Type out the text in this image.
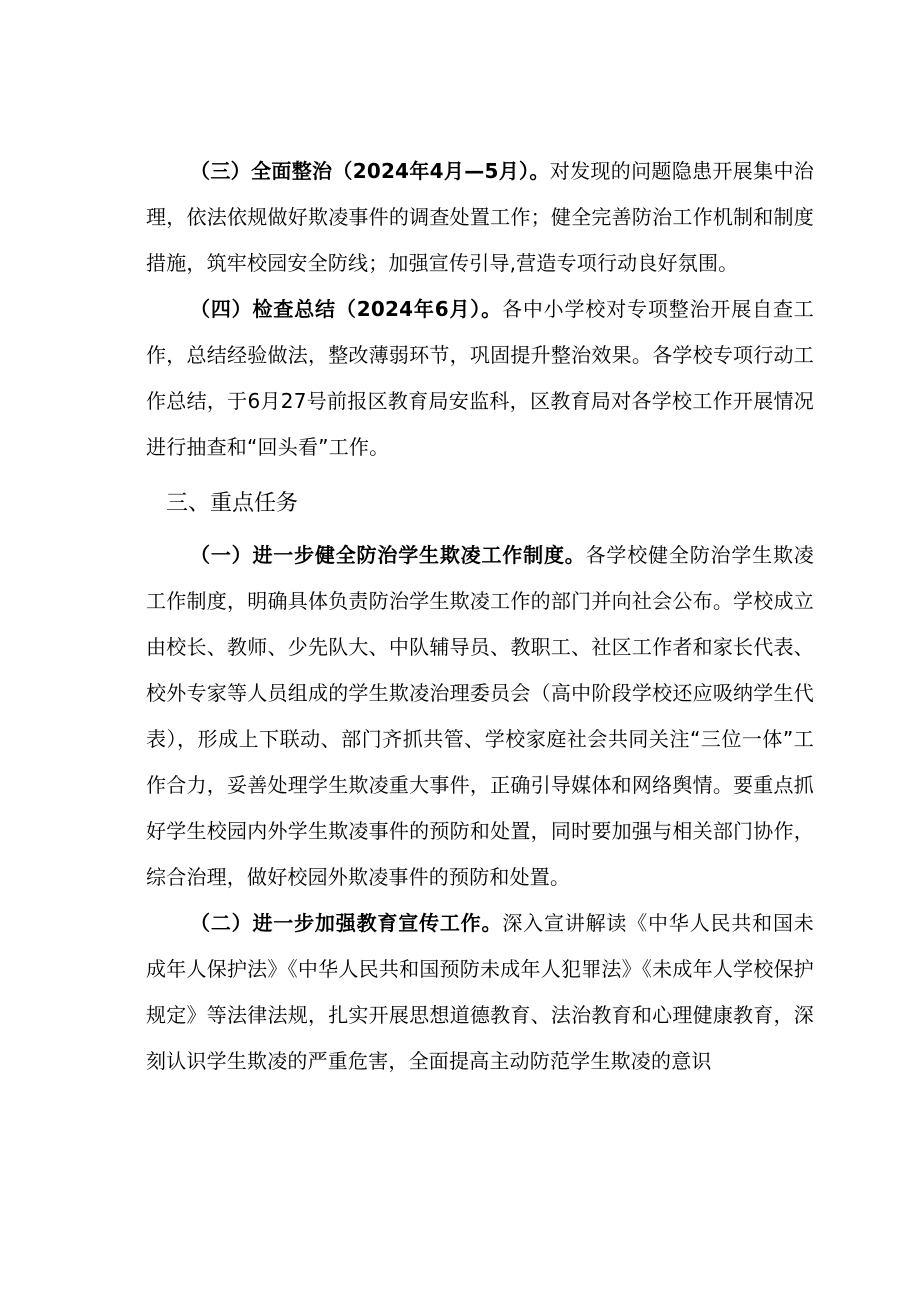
（三）全面整治（2024年4月—5月）。对发现的问题隐患开展集中治理，依法依规做好欺凌事件的调查处置工作；健全完善防治工作机制和制度措施，筑牢校园安全防线；加强宣传引导,营造专项行动良好氛围。

（四）检查总结（2024年6月）。各中小学校对专项整治开展自查工作，总结经验做法，整改薄弱环节，巩固提升整治效果。各学校专项行动工作总结，于6月27号前报区教育局安监科，区教育局对各学校工作开展情况进行抽查和“回头看”工作。

三、重点任务

（一）进一步健全防治学生欺凌工作制度。各学校健全防治学生欺凌工作制度，明确具体负责防治学生欺凌工作的部门并向社会公布。学校成立由校长、教师、少先队大、中队辅导员、教职工、社区工作者和家长代表、校外专家等人员组成的学生欺凌治理委员会（高中阶段学校还应吸纳学生代表），形成上下联动、部门齐抓共管、学校家庭社会共同关注“三位一体”工作合力，妥善处理学生欺凌重大事件，正确引导媒体和网络舆情。要重点抓好学生校园内外学生欺凌事件的预防和处置，同时要加强与相关部门协作，综合治理，做好校园外欺凌事件的预防和处置。

（二）进一步加强教育宣传工作。深入宣讲解读《中华人民共和国未成年人保护法》《中华人民共和国预防未成年人犯罪法》《未成年人学校保护规定》等法律法规，扎实开展思想道德教育、法治教育和心理健康教育，深刻认识学生欺凌的严重危害，全面提高主动防范学生欺凌的意识
